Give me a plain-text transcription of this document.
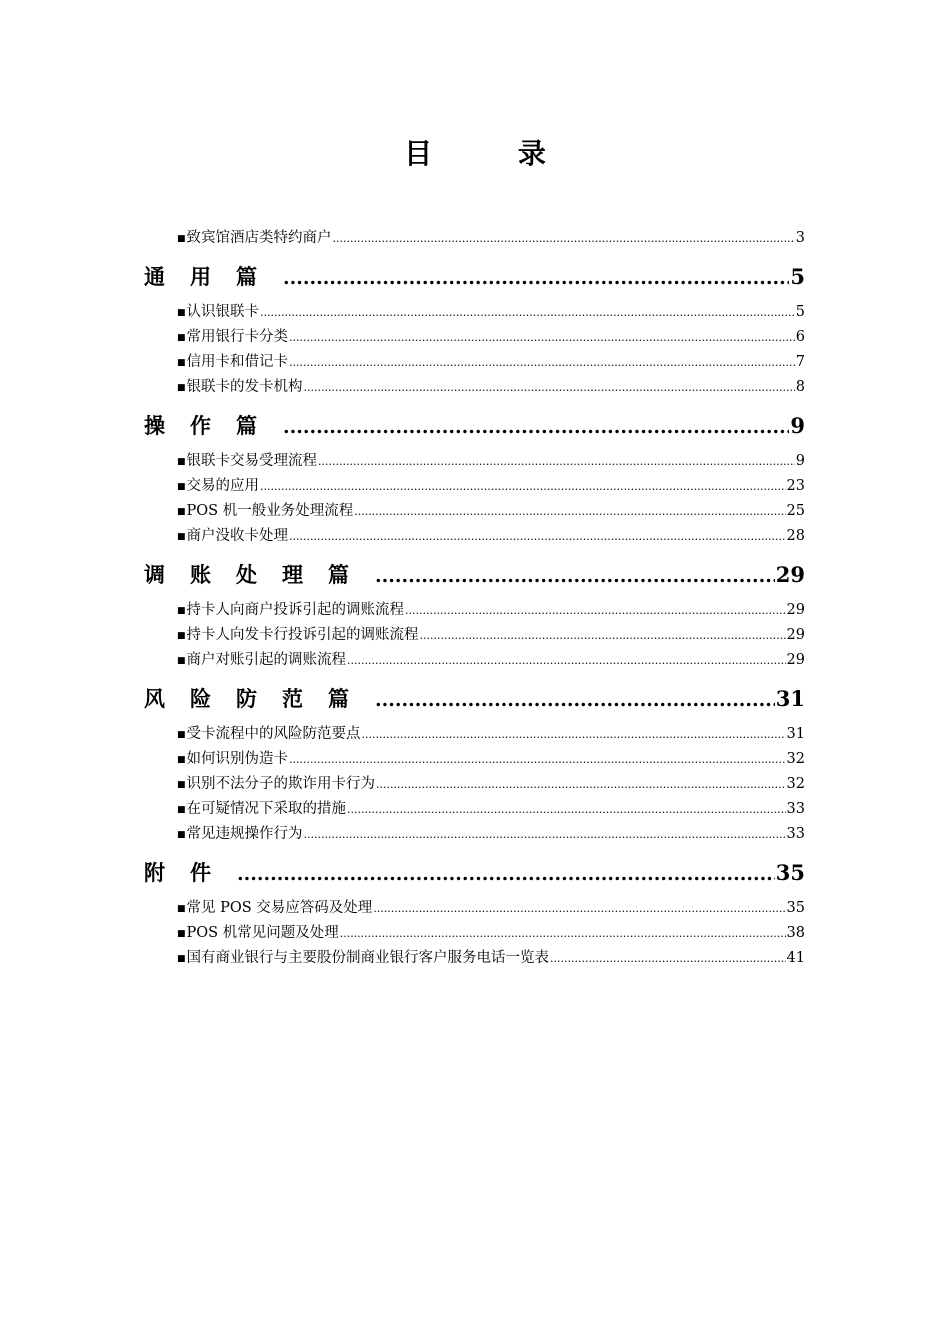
目 录
■ 致宾馆酒店类特约商户 .....	3
通用篇 .....	5
■ 认识银联卡 .....	5
■ 常用银行卡分类 .....	6
■ 信用卡和借记卡 .....	7
■ 银联卡的发卡机构 .....	8
操作篇 .....	9
■ 银联卡交易受理流程 .....	9
■ 交易的应用 .....	23
■ POS 机一般业务处理流程 .....	25
■ 商户没收卡处理 .....	28
调账处理篇 .....	29
■ 持卡人向商户投诉引起的调账流程 .....	29
■ 持卡人向发卡行投诉引起的调账流程 .....	29
■ 商户对账引起的调账流程 .....	29
风险防范篇 .....	31
■ 受卡流程中的风险防范要点 .....	31
■ 如何识别伪造卡 .....	32
■ 识别不法分子的欺诈用卡行为 .....	32
■ 在可疑情况下采取的措施 .....	33
■ 常见违规操作行为 .....	33
附件 .....	35
■ 常见 POS 交易应答码及处理 .....	35
■ POS 机常见问题及处理 .....	38
■ 国有商业银行与主要股份制商业银行客户服务电话一览表 .....	41
